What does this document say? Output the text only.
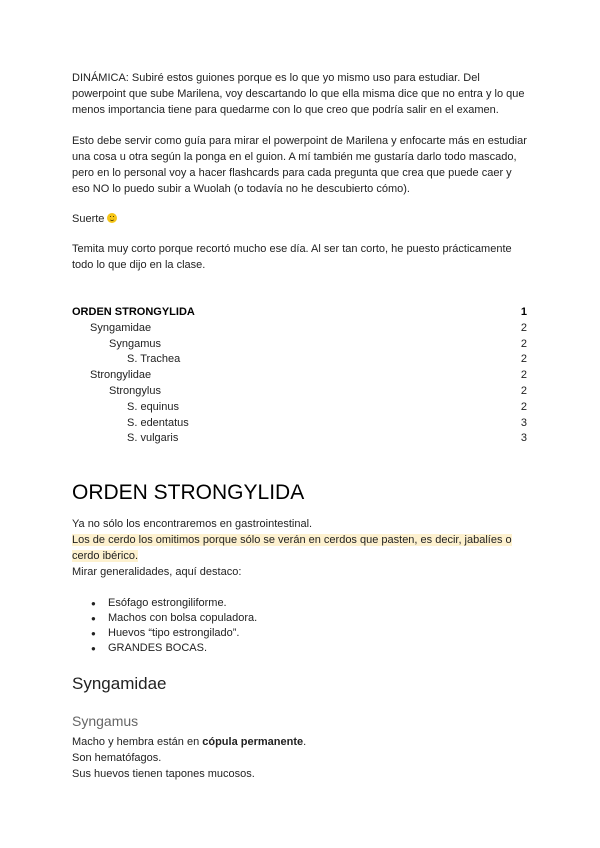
DINÁMICA: Subiré estos guiones porque es lo que yo mismo uso para estudiar. Del powerpoint que sube Marilena, voy descartando lo que ella misma dice que no entra y lo que menos importancia tiene para quedarme con lo que creo que podría salir en el examen.

Esto debe servir como guía para mirar el powerpoint de Marilena y enfocarte más en estudiar una cosa u otra según la ponga en el guion. A mí también me gustaría darlo todo mascado, pero en lo personal voy a hacer flashcards para cada pregunta que crea que puede caer y eso NO lo puedo subir a Wuolah (o todavía no he descubierto cómo).

Suerte

Temita muy corto porque recortó mucho ese día. Al ser tan corto, he puesto prácticamente todo lo que dijo en la clase.

ORDEN STRONGYLIDA	1
Syngamidae	2
Syngamus	2
S. Trachea	2
Strongylidae	2
Strongylus	2
S. equinus	2
S. edentatus	3
S. vulgaris	3
ORDEN STRONGYLIDA

Ya no sólo los encontraremos en gastrointestinal.

Los de cerdo los omitimos porque sólo se verán en cerdos que pasten, es decir, jabalíes o cerdo ibérico.

Mirar generalidades, aquí destaco:

● Esófago estrongiliforme.
● Machos con bolsa copuladora.
● Huevos “tipo estrongilado”.
● GRANDES BOCAS.
Syngamidae
Syngamus

Macho y hembra están en cópula permanente.

Son hematófagos.

Sus huevos tienen tapones mucosos.
